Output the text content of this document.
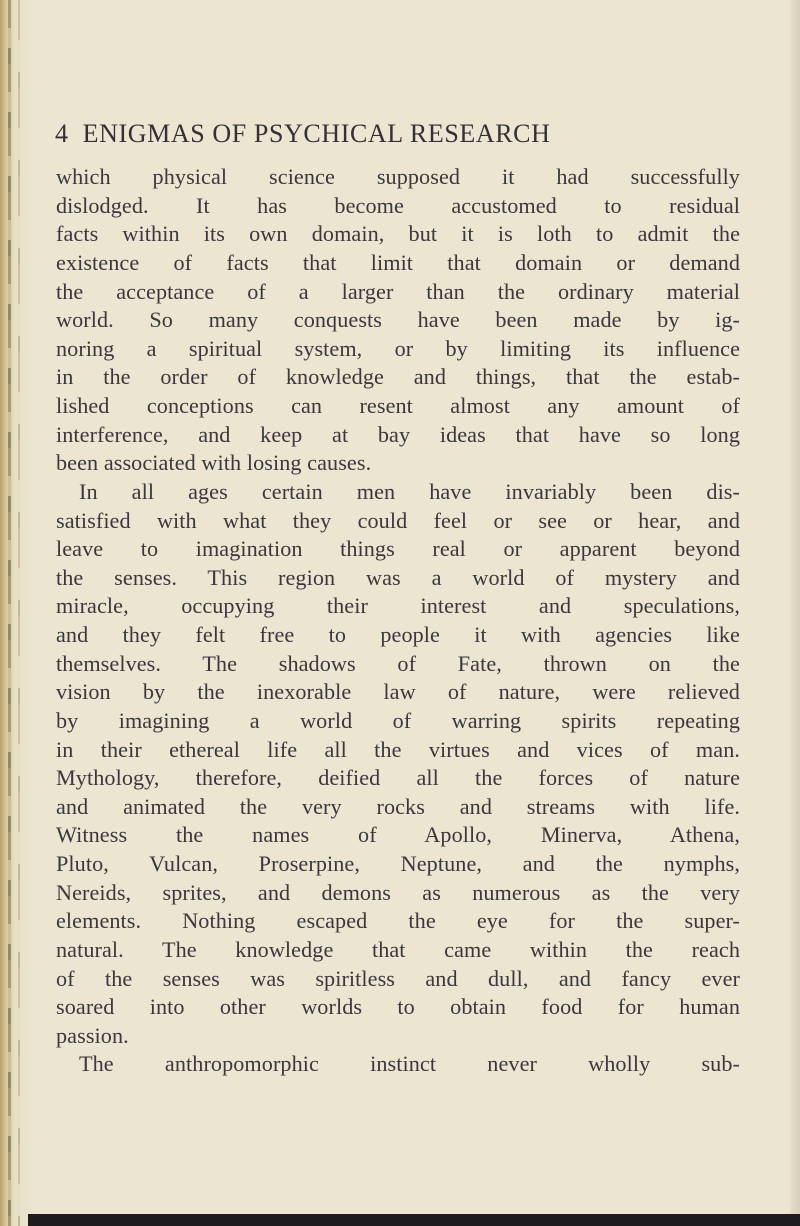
4 ENIGMAS OF PSYCHICAL RESEARCH
which physical science supposed it had successfully
dislodged. It has become accustomed to residual
facts within its own domain, but it is loth to admit the
existence of facts that limit that domain or demand
the acceptance of a larger than the ordinary material
world. So many conquests have been made by ig-
noring a spiritual system, or by limiting its influence
in the order of knowledge and things, that the estab-
lished conceptions can resent almost any amount of
interference, and keep at bay ideas that have so long
been associated with losing causes.
In all ages certain men have invariably been dis-
satisfied with what they could feel or see or hear, and
leave to imagination things real or apparent beyond
the senses. This region was a world of mystery and
miracle, occupying their interest and speculations,
and they felt free to people it with agencies like
themselves. The shadows of Fate, thrown on the
vision by the inexorable law of nature, were relieved
by imagining a world of warring spirits repeating
in their ethereal life all the virtues and vices of man.
Mythology, therefore, deified all the forces of nature
and animated the very rocks and streams with life.
Witness the names of Apollo, Minerva, Athena,
Pluto, Vulcan, Proserpine, Neptune, and the nymphs,
Nereids, sprites, and demons as numerous as the very
elements. Nothing escaped the eye for the super-
natural. The knowledge that came within the reach
of the senses was spiritless and dull, and fancy ever
soared into other worlds to obtain food for human
passion.
The anthropomorphic instinct never wholly sub-
